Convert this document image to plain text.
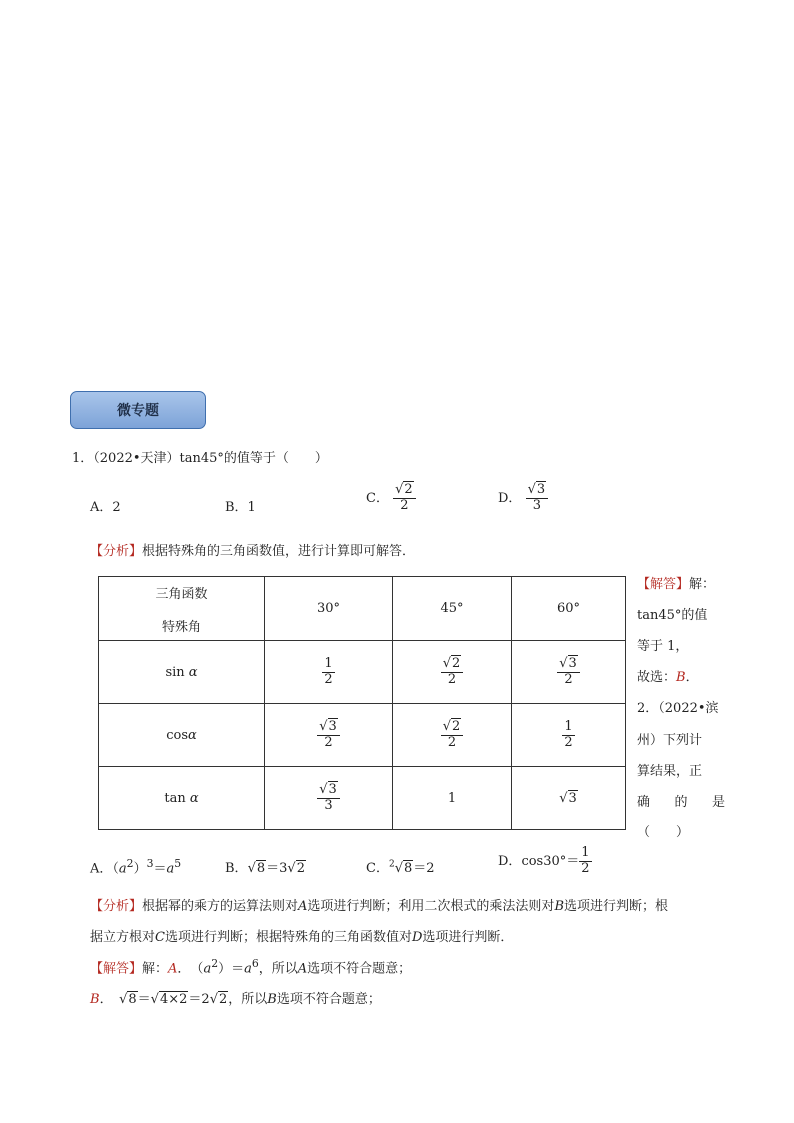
微专题
1．（2022•天津）tan45°的值等于（　　）
A．2	B．1
C． $\frac{√2}{2}$	D． $\frac{√3}{3}$
【分析】根据特殊角的三角函数值，进行计算即可解答．
三角函数
特殊角	30°	45°	60°
sin α	$\frac{1}{2}$	$\frac{√2}{2}$	$\frac{√3}{2}$

cosα	$\frac{√3}{2}$	$\frac{√2}{2}$	$\frac{1}{2}$

tan α	$\frac{√3}{3}$	1	√3
【解答】解：
tan45°的值
等于 1，
故选：B．
2．（2022•滨
州）下列计
算结果，正
确 的 是
（　　）
A．$(a^2)^3=a^5$	B．√8＝3√2	C．$^2$√8＝2	D．$\cos 30^\circ= \frac{1}{2}$
【分析】根据幂的乘方的运算法则对A选项进行判断；利用二次根式的乘法法则对B选项进行判断；根
据立方根对C选项进行判断；根据特殊角的三角函数值对D选项进行判断．
【解答】解：A．　$(a^2)=a^6$，所以A选项不符合题意；
B．　√8＝√4×2＝2√2，所以B选项不符合题意；
